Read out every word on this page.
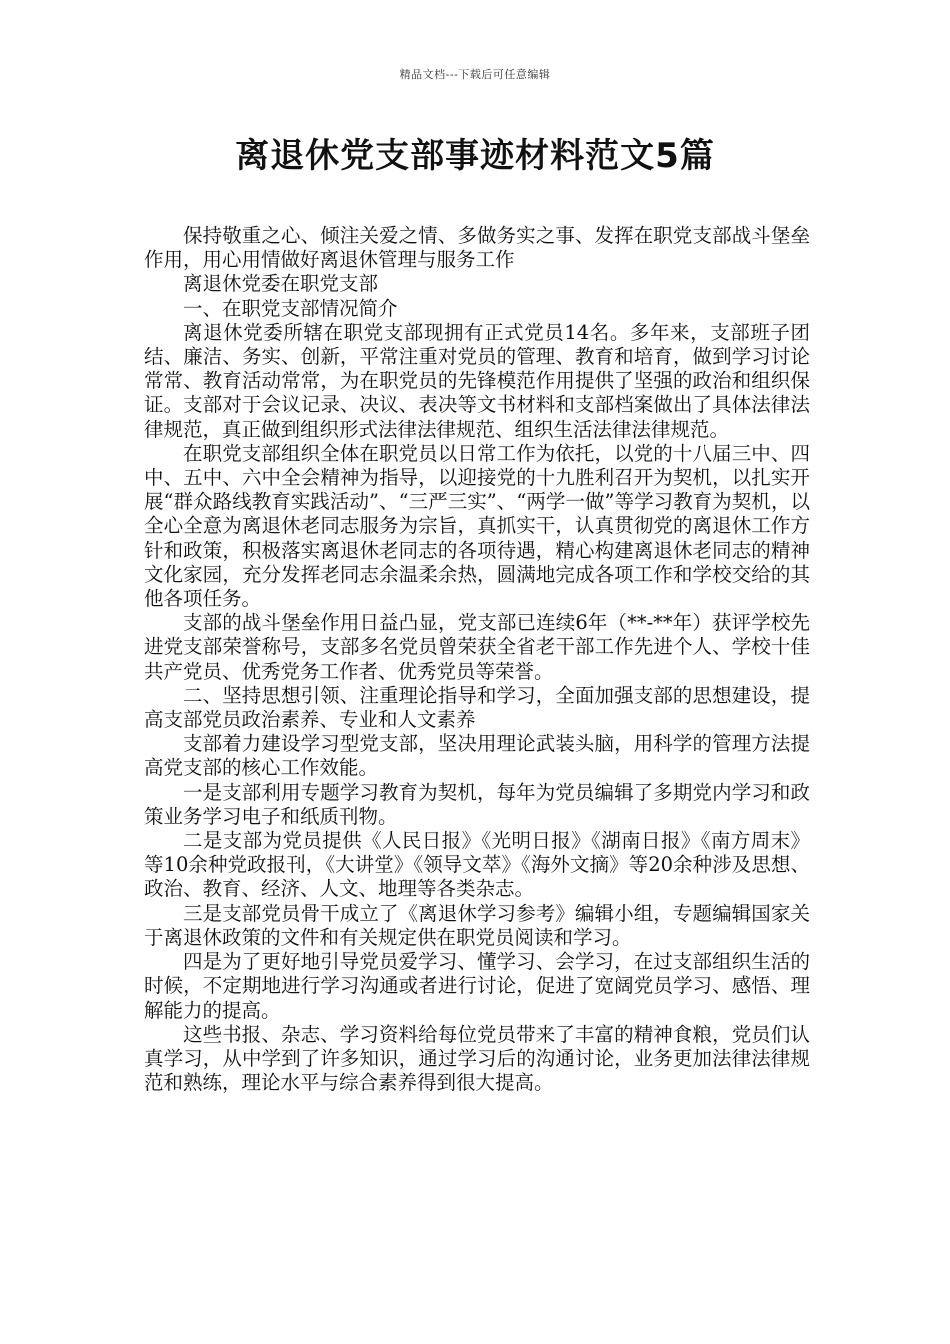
精品文档---下载后可任意编辑
离退休党支部事迹材料范文5篇

保持敬重之心、倾注关爱之情、多做务实之事、发挥在职党支部战斗堡垒作用，用心用情做好离退休管理与服务工作

离退休党委在职党支部

一、在职党支部情况简介

离退休党委所辖在职党支部现拥有正式党员14名。多年来，支部班子团结、廉洁、务实、创新，平常注重对党员的管理、教育和培育，做到学习讨论常常、教育活动常常，为在职党员的先锋模范作用提供了坚强的政治和组织保证。支部对于会议记录、决议、表决等文书材料和支部档案做出了具体法律法律规范，真正做到组织形式法律法律规范、组织生活法律法律规范。

在职党支部组织全体在职党员以日常工作为依托，以党的十八届三中、四中、五中、六中全会精神为指导，以迎接党的十九胜利召开为契机，以扎实开展“群众路线教育实践活动”、“三严三实”、“两学一做”等学习教育为契机，以全心全意为离退休老同志服务为宗旨，真抓实干，认真贯彻党的离退休工作方针和政策，积极落实离退休老同志的各项待遇，精心构建离退休老同志的精神文化家园，充分发挥老同志余温柔余热，圆满地完成各项工作和学校交给的其他各项任务。

支部的战斗堡垒作用日益凸显，党支部已连续6年（**-**年）获评学校先进党支部荣誉称号，支部多名党员曾荣获全省老干部工作先进个人、学校十佳共产党员、优秀党务工作者、优秀党员等荣誉。

二、坚持思想引领、注重理论指导和学习，全面加强支部的思想建设，提高支部党员政治素养、专业和人文素养

支部着力建设学习型党支部，坚决用理论武装头脑，用科学的管理方法提高党支部的核心工作效能。

一是支部利用专题学习教育为契机，每年为党员编辑了多期党内学习和政策业务学习电子和纸质刊物。

二是支部为党员提供《人民日报》《光明日报》《湖南日报》《南方周末》等10余种党政报刊，《大讲堂》《领导文萃》《海外文摘》等20余种涉及思想、政治、教育、经济、人文、地理等各类杂志。

三是支部党员骨干成立了《离退休学习参考》编辑小组，专题编辑国家关于离退休政策的文件和有关规定供在职党员阅读和学习。

四是为了更好地引导党员爱学习、懂学习、会学习，在过支部组织生活的时候，不定期地进行学习沟通或者进行讨论，促进了宽阔党员学习、感悟、理解能力的提高。

这些书报、杂志、学习资料给每位党员带来了丰富的精神食粮，党员们认真学习，从中学到了许多知识，通过学习后的沟通讨论，业务更加法律法律规范和熟练，理论水平与综合素养得到很大提高。
